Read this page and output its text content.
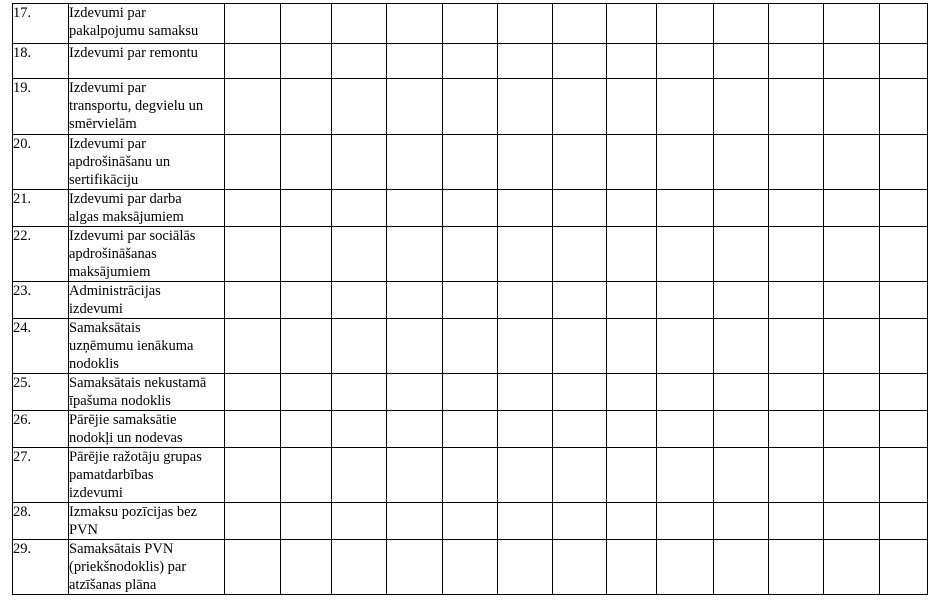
17.	Izdevumi par
pakalpojumu samaksu													

18.	Izdevumi par remontu													

19.	Izdevumi par
transportu, degvielu un
smērvielām													

20.	Izdevumi par
apdrošināšanu un
sertifikāciju													

21.	Izdevumi par darba
algas maksājumiem													

22.	Izdevumi par sociālās
apdrošināšanas
maksājumiem													

23.	Administrācijas
izdevumi													

24.	Samaksātais
uzņēmumu ienākuma
nodoklis													

25.	Samaksātais nekustamā
īpašuma nodoklis													

26.	Pārējie samaksātie
nodokļi un nodevas													

27.	Pārējie ražotāju grupas
pamatdarbības
izdevumi													

28.	Izmaksu pozīcijas bez
PVN													

29.	Samaksātais PVN
(priekšnodoklis) par
atzīšanas plāna													
